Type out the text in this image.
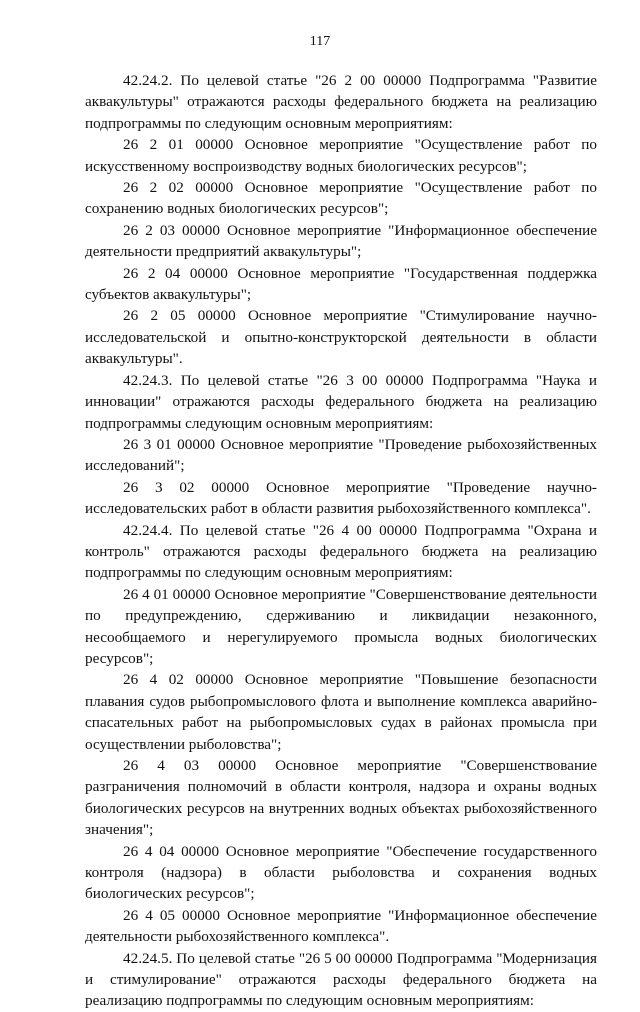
117

42.24.2. По целевой статье "26 2 00 00000 Подпрограмма "Развитие аквакультуры" отражаются расходы федерального бюджета на реализацию подпрограммы по следующим основным мероприятиям:

26 2 01 00000 Основное мероприятие "Осуществление работ по искусственному воспроизводству водных биологических ресурсов";

26 2 02 00000 Основное мероприятие "Осуществление работ по сохранению водных биологических ресурсов";

26 2 03 00000 Основное мероприятие "Информационное обеспечение деятельности предприятий аквакультуры";

26 2 04 00000 Основное мероприятие "Государственная поддержка субъектов аквакультуры";

26 2 05 00000 Основное мероприятие "Стимулирование научно-исследовательской и опытно-конструкторской деятельности в области аквакультуры".

42.24.3. По целевой статье "26 3 00 00000 Подпрограмма "Наука и инновации" отражаются расходы федерального бюджета на реализацию подпрограммы следующим основным мероприятиям:

26 3 01 00000 Основное мероприятие "Проведение рыбохозяйственных исследований";

26 3 02 00000 Основное мероприятие "Проведение научно-исследовательских работ в области развития рыбохозяйственного комплекса".

42.24.4. По целевой статье "26 4 00 00000 Подпрограмма "Охрана и контроль" отражаются расходы федерального бюджета на реализацию подпрограммы по следующим основным мероприятиям:

26 4 01 00000 Основное мероприятие "Совершенствование деятельности по предупреждению, сдерживанию и ликвидации незаконного, несообщаемого и нерегулируемого промысла водных биологических ресурсов";

26 4 02 00000 Основное мероприятие "Повышение безопасности плавания судов рыбопромыслового флота и выполнение комплекса аварийно-спасательных работ на рыбопромысловых судах в районах промысла при осуществлении рыболовства";

26 4 03 00000 Основное мероприятие "Совершенствование разграничения полномочий в области контроля, надзора и охраны водных биологических ресурсов на внутренних водных объектах рыбохозяйственного значения";

26 4 04 00000 Основное мероприятие "Обеспечение государственного контроля (надзора) в области рыболовства и сохранения водных биологических ресурсов";

26 4 05 00000 Основное мероприятие "Информационное обеспечение деятельности рыбохозяйственного комплекса".

42.24.5. По целевой статье "26 5 00 00000 Подпрограмма "Модернизация и стимулирование" отражаются расходы федерального бюджета на реализацию подпрограммы по следующим основным мероприятиям:
